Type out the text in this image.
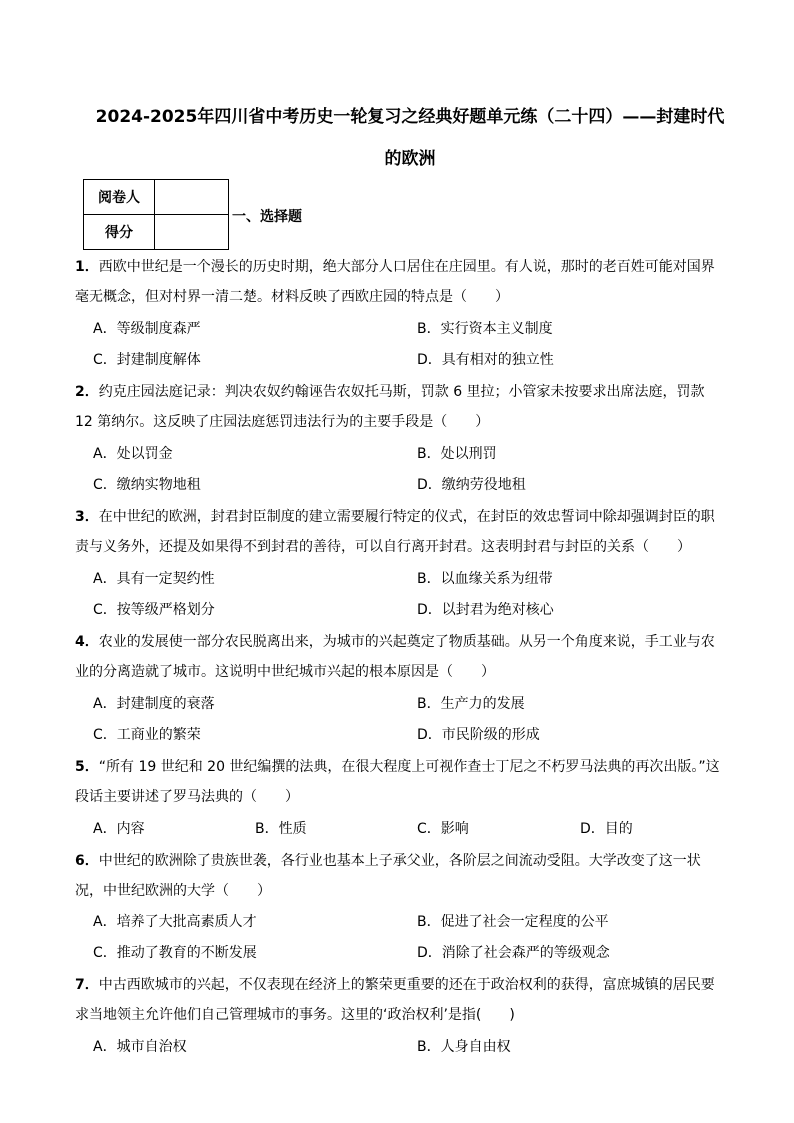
2024-2025年四川省中考历史一轮复习之经典好题单元练（二十四）——封建时代
的欧洲
阅卷人	
得分	
一、选择题
1．西欧中世纪是一个漫长的历史时期，绝大部分人口居住在庄园里。有人说，那时的老百姓可能对国界
毫无概念，但对村界一清二楚。材料反映了西欧庄园的特点是（　　）
A．等级制度森严	B．实行资本主义制度
C．封建制度解体	D．具有相对的独立性
2．约克庄园法庭记录：判决农奴约翰诬告农奴托马斯，罚款 6 里拉；小管家未按要求出席法庭，罚款
12 第纳尔。这反映了庄园法庭惩罚违法行为的主要手段是（　　）
A．处以罚金	B．处以刑罚
C．缴纳实物地租	D．缴纳劳役地租
3．在中世纪的欧洲，封君封臣制度的建立需要履行特定的仪式，在封臣的效忠誓词中除却强调封臣的职
责与义务外，还提及如果得不到封君的善待，可以自行离开封君。这表明封君与封臣的关系（　　）
A．具有一定契约性	B．以血缘关系为纽带
C．按等级严格划分	D．以封君为绝对核心
4．农业的发展使一部分农民脱离出来，为城市的兴起奠定了物质基础。从另一个角度来说，手工业与农
业的分离造就了城市。这说明中世纪城市兴起的根本原因是（　　）
A．封建制度的衰落	B．生产力的发展
C．工商业的繁荣	D．市民阶级的形成
5．“所有 19 世纪和 20 世纪编撰的法典，在很大程度上可视作查士丁尼之不朽罗马法典的再次出版。”这
段话主要讲述了罗马法典的（　　）
A．内容	B．性质	C．影响	D．目的
6．中世纪的欧洲除了贵族世袭，各行业也基本上子承父业，各阶层之间流动受阻。大学改变了这一状
况，中世纪欧洲的大学（　　）
A．培养了大批高素质人才	B．促进了社会一定程度的公平
C．推动了教育的不断发展	D．消除了社会森严的等级观念
7．中古西欧城市的兴起，不仅表现在经济上的繁荣更重要的还在于政治权利的获得，富庶城镇的居民要
求当地领主允许他们自己管理城市的事务。这里的‘政治权利’是指(　　)
A．城市自治权	B．人身自由权
